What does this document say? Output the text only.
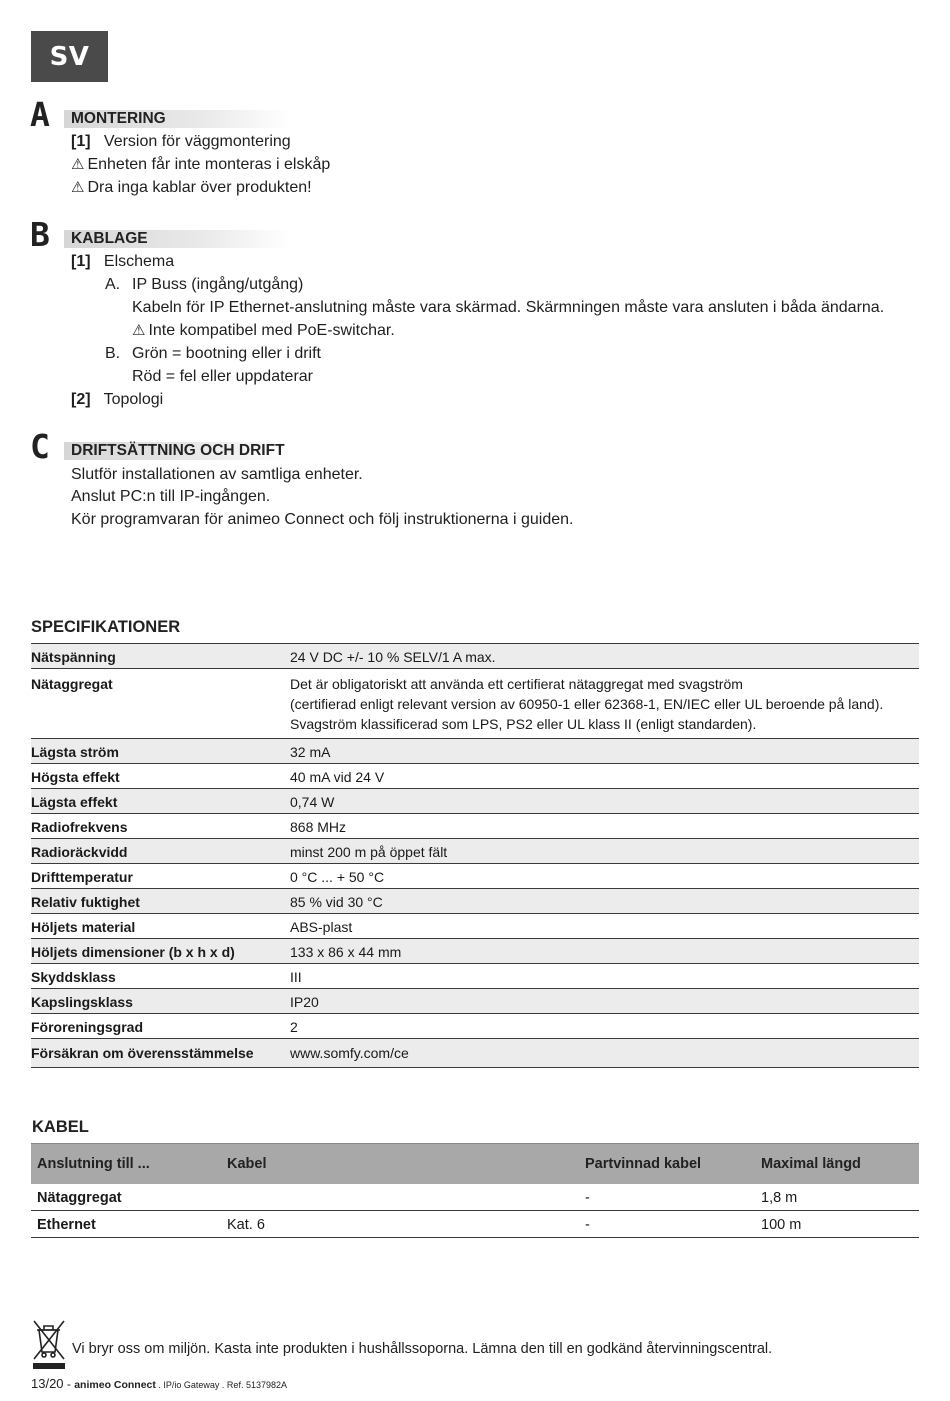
SV
A	MONTERING
[1] Version för väggmontering
⚠ Enheten får inte monteras i elskåp
⚠ Dra inga kablar över produkten!
B	KABLAGE
[1] Elschema
A. IP Buss (ingång/utgång)
Kabeln för IP Ethernet-anslutning måste vara skärmad. Skärmningen måste vara ansluten i båda ändarna.
⚠ Inte kompatibel med PoE-switchar.
B. Grön = bootning eller i drift
Röd = fel eller uppdaterar
[2] Topologi
C	DRIFTSÄTTNING OCH DRIFT
Slutför installationen av samtliga enheter.
Anslut PC:n till IP-ingången.
Kör programvaran för animeo Connect och följ instruktionerna i guiden.
SPECIFIKATIONER
Nätspänning	24 V DC +/- 10 % SELV/1 A max.
Nätaggregat	Det är obligatoriskt att använda ett certifierat nätaggregat med svagström
(certifierad enligt relevant version av 60950-1 eller 62368-1, EN/IEC eller UL beroende på land).
Svagström klassificerad som LPS, PS2 eller UL klass II (enligt standarden).

Lägsta ström	32 mA
Högsta effekt	40 mA vid 24 V
Lägsta effekt	0,74 W
Radiofrekvens	868 MHz
Radioräckvidd	minst 200 m på öppet fält
Drifttemperatur	0 °C ... + 50 °C
Relativ fuktighet	85 % vid 30 °C
Höljets material	ABS-plast
Höljets dimensioner (b x h x d)	133 x 86 x 44 mm
Skyddsklass	III
Kapslingsklass	IP20
Föroreningsgrad	2
Försäkran om överensstämmelse	www.somfy.com/ce
KABEL
Anslutning till ...	Kabel	Partvinnad kabel	Maximal längd
Nätaggregat		-	1,8 m
Ethernet	Kat. 6	-	100 m
Vi bryr oss om miljön. Kasta inte produkten i hushållssoporna. Lämna den till en godkänd återvinningscentral.
13/20 - animeo Connect . IP/io Gateway . Ref. 5137982A
